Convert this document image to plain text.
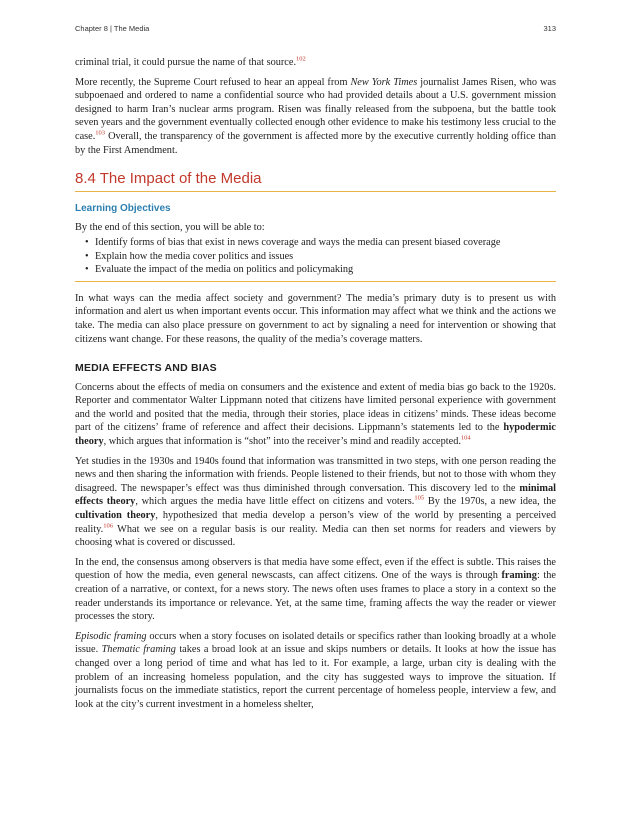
Chapter 8 | The Media	313

criminal trial, it could pursue the name of that source.$^{102}$

More recently, the Supreme Court refused to hear an appeal from New York Times journalist James Risen, who was subpoenaed and ordered to name a confidential source who had provided details about a U.S. government mission designed to harm Iran’s nuclear arms program. Risen was finally released from the subpoena, but the battle took seven years and the government eventually collected enough other evidence to make his testimony less crucial to the case.$^{103}$ Overall, the transparency of the government is affected more by the executive currently holding office than by the First Amendment.

8.4 The Impact of the Media
Learning Objectives

By the end of this section, you will be able to:

• Identify forms of bias that exist in news coverage and ways the media can present biased coverage
• Explain how the media cover politics and issues
• Evaluate the impact of the media on politics and policymaking

In what ways can the media affect society and government? The media’s primary duty is to present us with information and alert us when important events occur. This information may affect what we think and the actions we take. The media can also place pressure on government to act by signaling a need for intervention or showing that citizens want change. For these reasons, the quality of the media’s coverage matters.

MEDIA EFFECTS AND BIAS

Concerns about the effects of media on consumers and the existence and extent of media bias go back to the 1920s. Reporter and commentator Walter Lippmann noted that citizens have limited personal experience with government and the world and posited that the media, through their stories, place ideas in citizens’ minds. These ideas become part of the citizens’ frame of reference and affect their decisions. Lippmann’s statements led to the hypodermic theory, which argues that information is “shot” into the receiver’s mind and readily accepted.$^{104}$

Yet studies in the 1930s and 1940s found that information was transmitted in two steps, with one person reading the news and then sharing the information with friends. People listened to their friends, but not to those with whom they disagreed. The newspaper’s effect was thus diminished through conversation. This discovery led to the minimal effects theory, which argues the media have little effect on citizens and voters.$^{105}$ By the 1970s, a new idea, the cultivation theory, hypothesized that media develop a person’s view of the world by presenting a perceived reality.$^{106}$ What we see on a regular basis is our reality. Media can then set norms for readers and viewers by choosing what is covered or discussed.

In the end, the consensus among observers is that media have some effect, even if the effect is subtle. This raises the question of how the media, even general newscasts, can affect citizens. One of the ways is through framing: the creation of a narrative, or context, for a news story. The news often uses frames to place a story in a context so the reader understands its importance or relevance. Yet, at the same time, framing affects the way the reader or viewer processes the story.

Episodic framing occurs when a story focuses on isolated details or specifics rather than looking broadly at a whole issue. Thematic framing takes a broad look at an issue and skips numbers or details. It looks at how the issue has changed over a long period of time and what has led to it. For example, a large, urban city is dealing with the problem of an increasing homeless population, and the city has suggested ways to improve the situation. If journalists focus on the immediate statistics, report the current percentage of homeless people, interview a few, and look at the city’s current investment in a homeless shelter,
